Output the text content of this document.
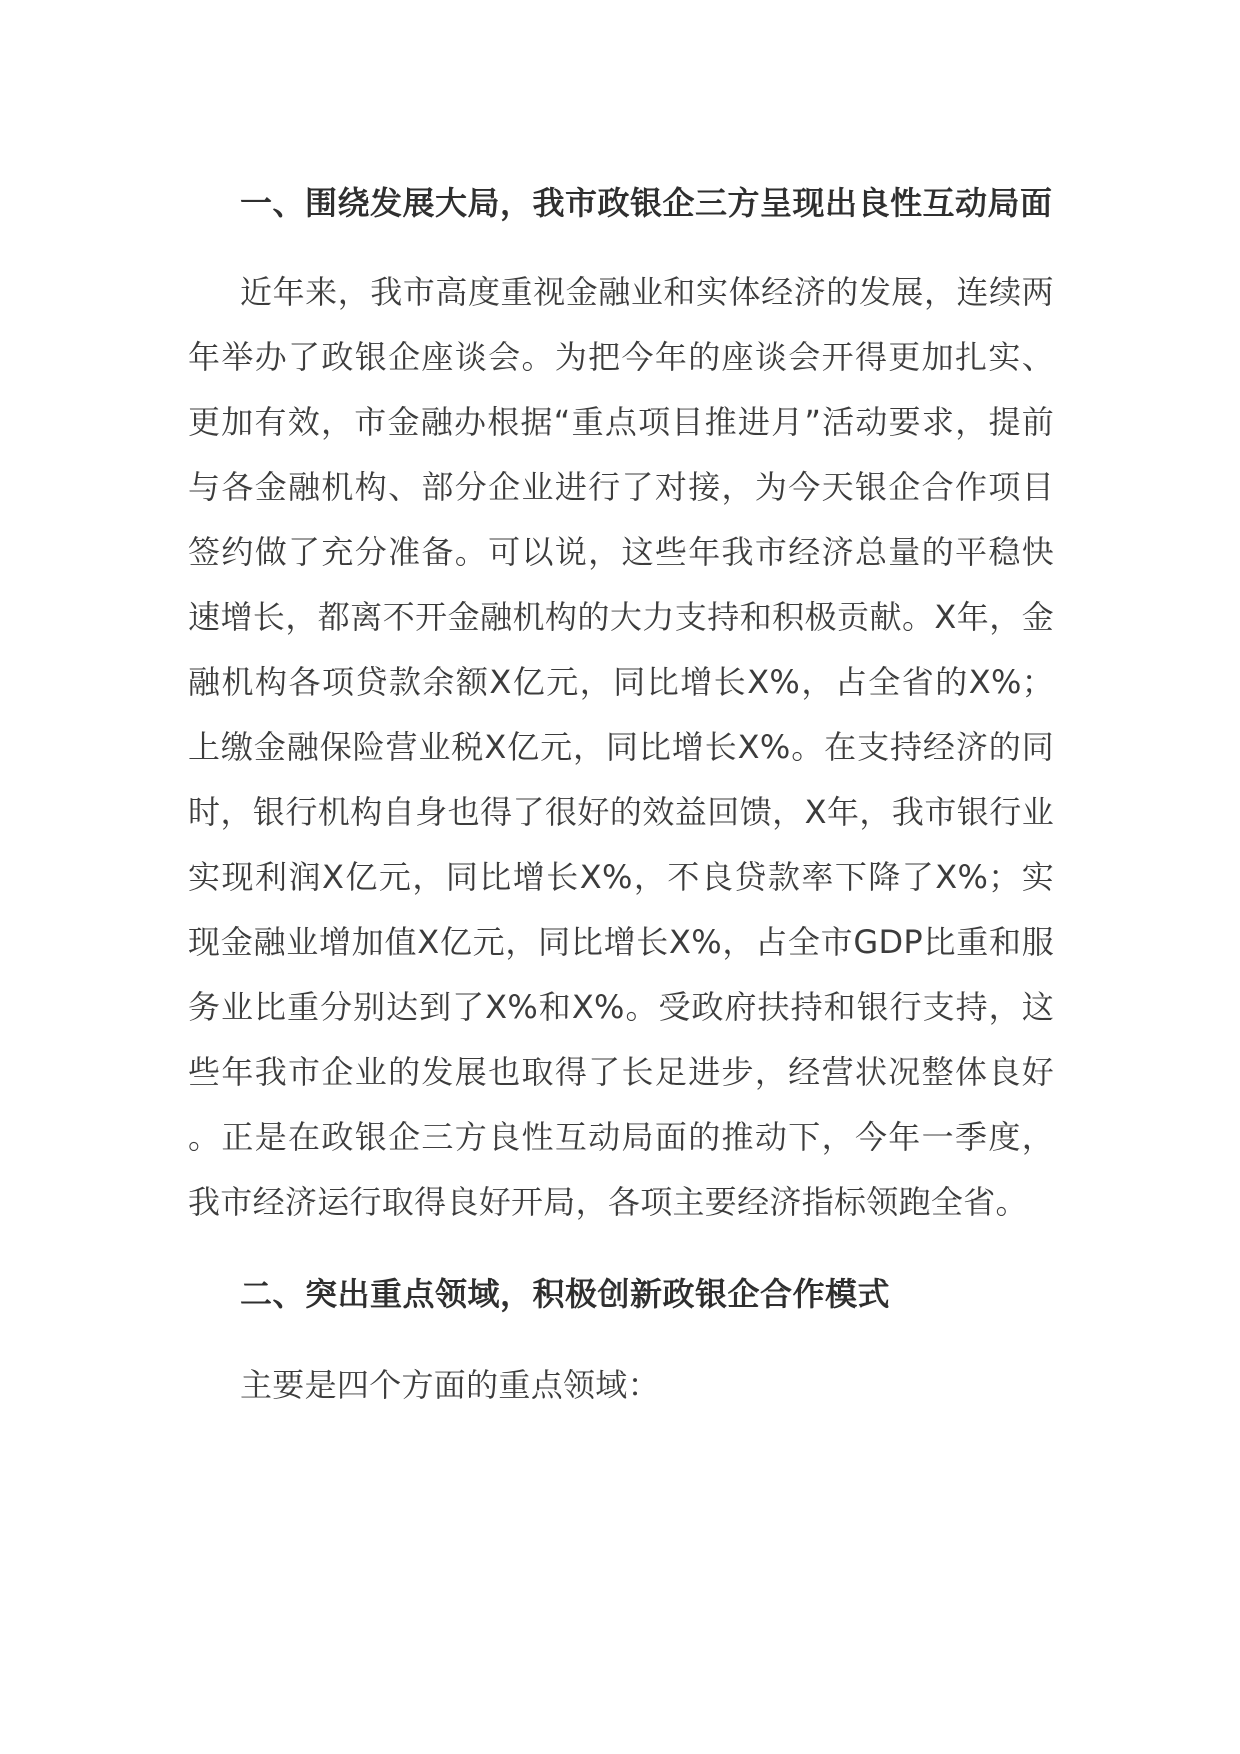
一、围绕发展大局，我市政银企三方呈现出良性互动局面

近年来，我市高度重视金融业和实体经济的发展，连续两年举办了政银企座谈会。为把今年的座谈会开得更加扎实、更加有效，市金融办根据“重点项目推进月”活动要求，提前与各金融机构、部分企业进行了对接，为今天银企合作项目签约做了充分准备。可以说，这些年我市经济总量的平稳快速增长，都离不开金融机构的大力支持和积极贡献。X年，金融机构各项贷款余额X亿元，同比增长X%，占全省的X%；上缴金融保险营业税X亿元，同比增长X%。在支持经济的同时，银行机构自身也得了很好的效益回馈，X年，我市银行业实现利润X亿元，同比增长X%，不良贷款率下降了X%；实现金融业增加值X亿元，同比增长X%，占全市GDP比重和服务业比重分别达到了X%和X%。受政府扶持和银行支持，这些年我市企业的发展也取得了长足进步，经营状况整体良好。正是在政银企三方良性互动局面的推动下，今年一季度，我市经济运行取得良好开局，各项主要经济指标领跑全省。

二、突出重点领域，积极创新政银企合作模式

主要是四个方面的重点领域：
